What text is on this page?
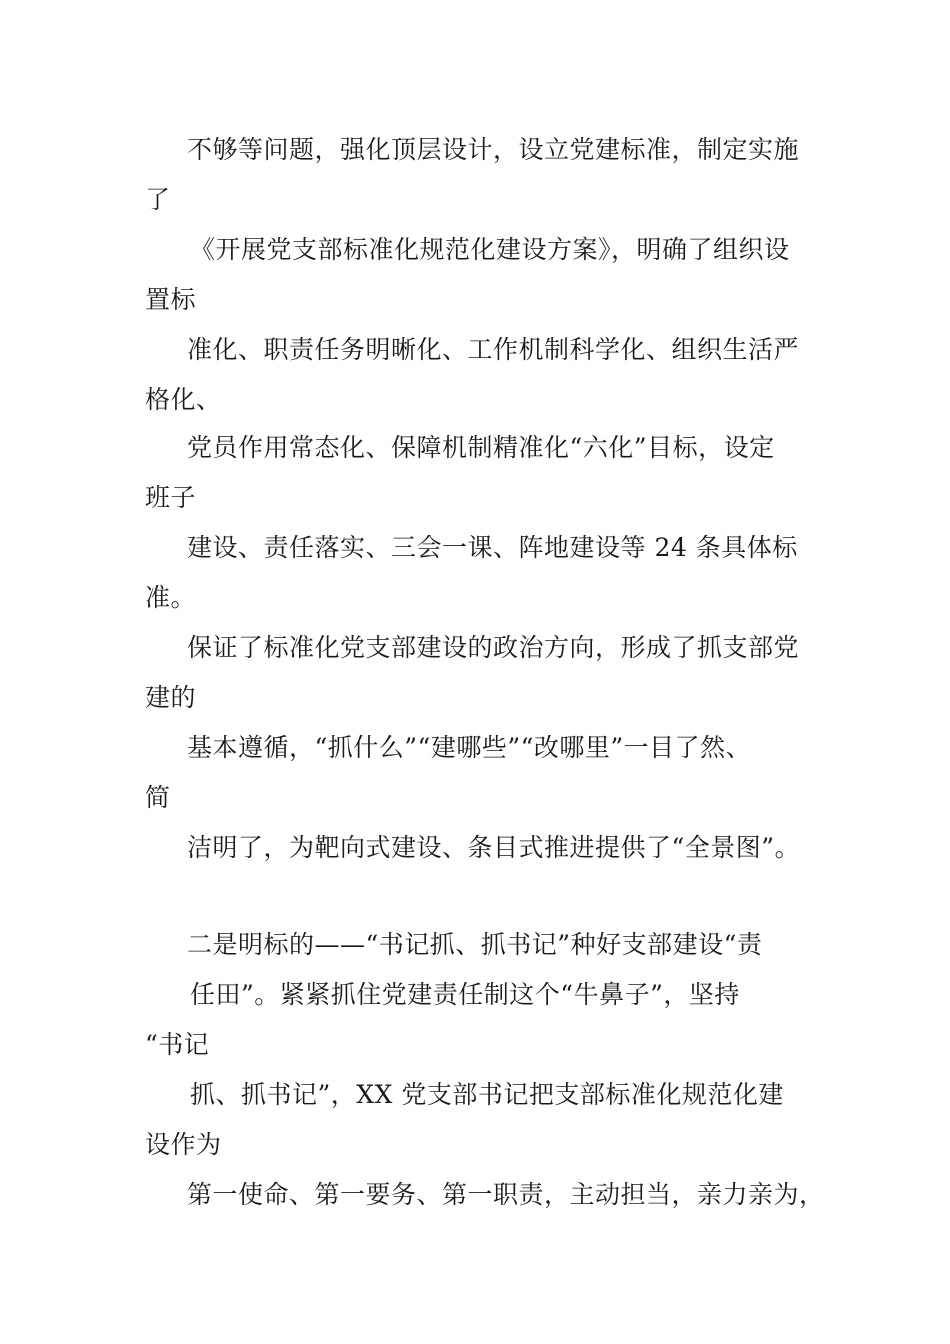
不够等问题，强化顶层设计，设立党建标准，制定实施
了
《开展党支部标准化规范化建设方案》，明确了组织设
置标
准化、职责任务明晰化、工作机制科学化、组织生活严
格化、
党员作用常态化、保障机制精准化“六化”目标，设定
班子
建设、责任落实、三会一课、阵地建设等 24 条具体标
准。
保证了标准化党支部建设的政治方向，形成了抓支部党
建的
基本遵循，“抓什么”“建哪些”“改哪里”一目了然、
简
洁明了，为靶向式建设、条目式推进提供了“全景图”。
二是明标的——“书记抓、抓书记”种好支部建设“责
任田”。紧紧抓住党建责任制这个“牛鼻子”，坚持
“书记
抓、抓书记”，XX 党支部书记把支部标准化规范化建
设作为
第一使命、第一要务、第一职责，主动担当，亲力亲为，
